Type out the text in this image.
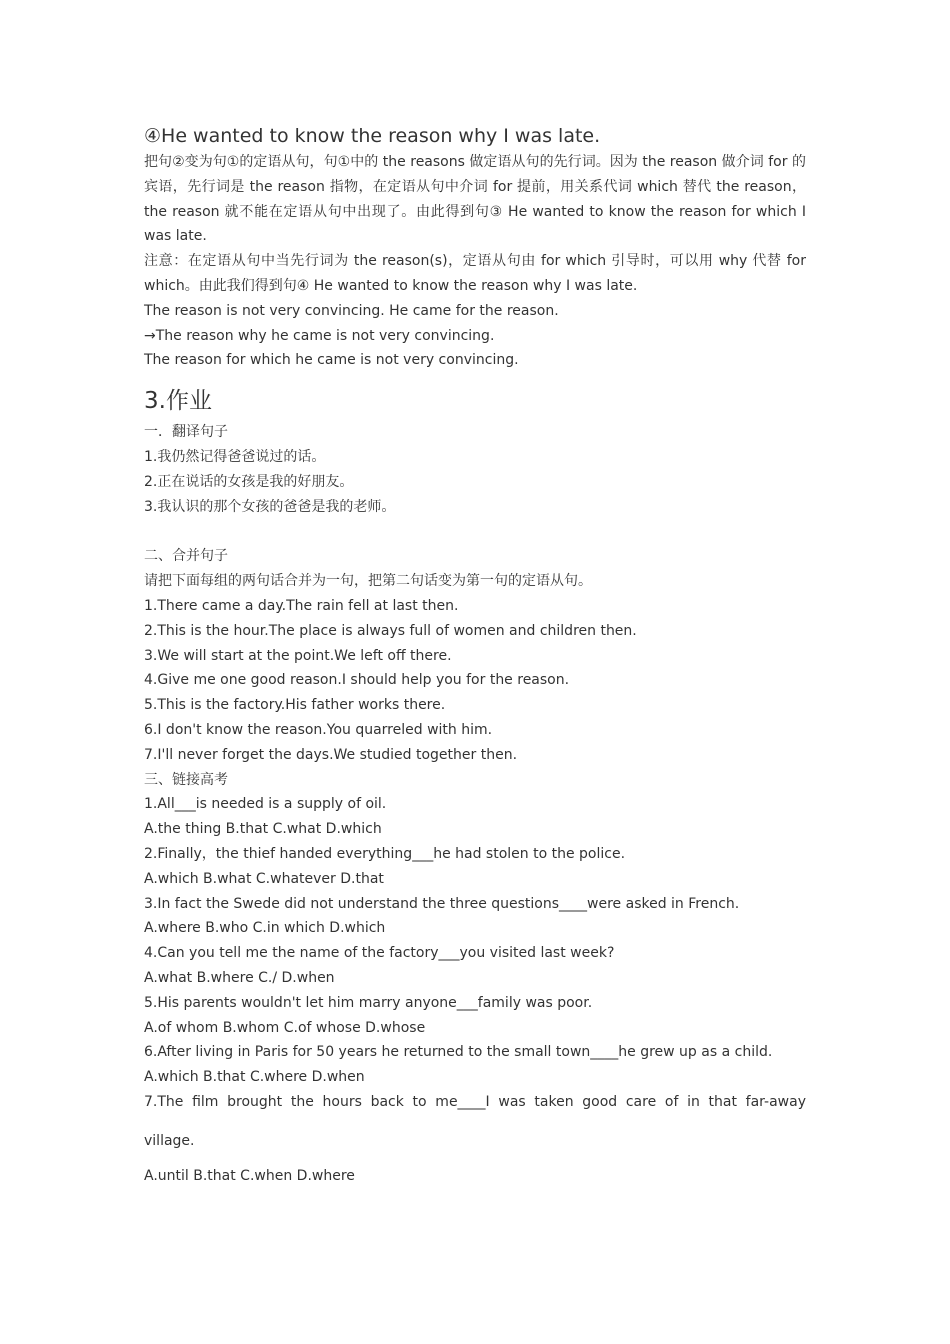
④He wanted to know the reason why I was late.

把句②变为句①的定语从句，句①中的 the reasons 做定语从句的先行词。因为 the reason 做介词 for 的宾语，先行词是 the reason 指物，在定语从句中介词 for 提前，用关系代词 which 替代 the reason，the reason 就不能在定语从句中出现了。由此得到句③ He wanted to know the reason for which I was late.

注意：在定语从句中当先行词为 the reason(s)，定语从句由 for which 引导时，可以用 why 代替 for which。由此我们得到句④ He wanted to know the reason why I was late.

The reason is not very convincing. He came for the reason.

→The reason why he came is not very convincing.

The reason for which he came is not very convincing.

3.作业

一．翻译句子

1.我仍然记得爸爸说过的话。

2.正在说话的女孩是我的好朋友。

3.我认识的那个女孩的爸爸是我的老师。

二、合并句子

请把下面每组的两句话合并为一句，把第二句话变为第一句的定语从句。

1.There came a day.The rain fell at last then.

2.This is the hour.The place is always full of women and children then.

3.We will start at the point.We left off there.

4.Give me one good reason.I should help you for the reason.

5.This is the factory.His father works there.

6.I don't know the reason.You quarreled with him.

7.I'll never forget the days.We studied together then.

三、链接高考

1.All___is needed is a supply of oil.

A.the thing B.that C.what D.which

2.Finally，the thief handed everything___he had stolen to the police.

A.which B.what C.whatever D.that

3.In fact the Swede did not understand the three questions____were asked in French.

A.where B.who C.in which D.which

4.Can you tell me the name of the factory___you visited last week?

A.what B.where C./ D.when

5.His parents wouldn't let him marry anyone___family was poor.

A.of whom B.whom C.of whose D.whose

6.After living in Paris for 50 years he returned to the small town____he grew up as a child.

A.which B.that C.where D.when

7.The film brought the hours back to me____I was taken good care of in that far-away

village.

A.until B.that C.when D.where
